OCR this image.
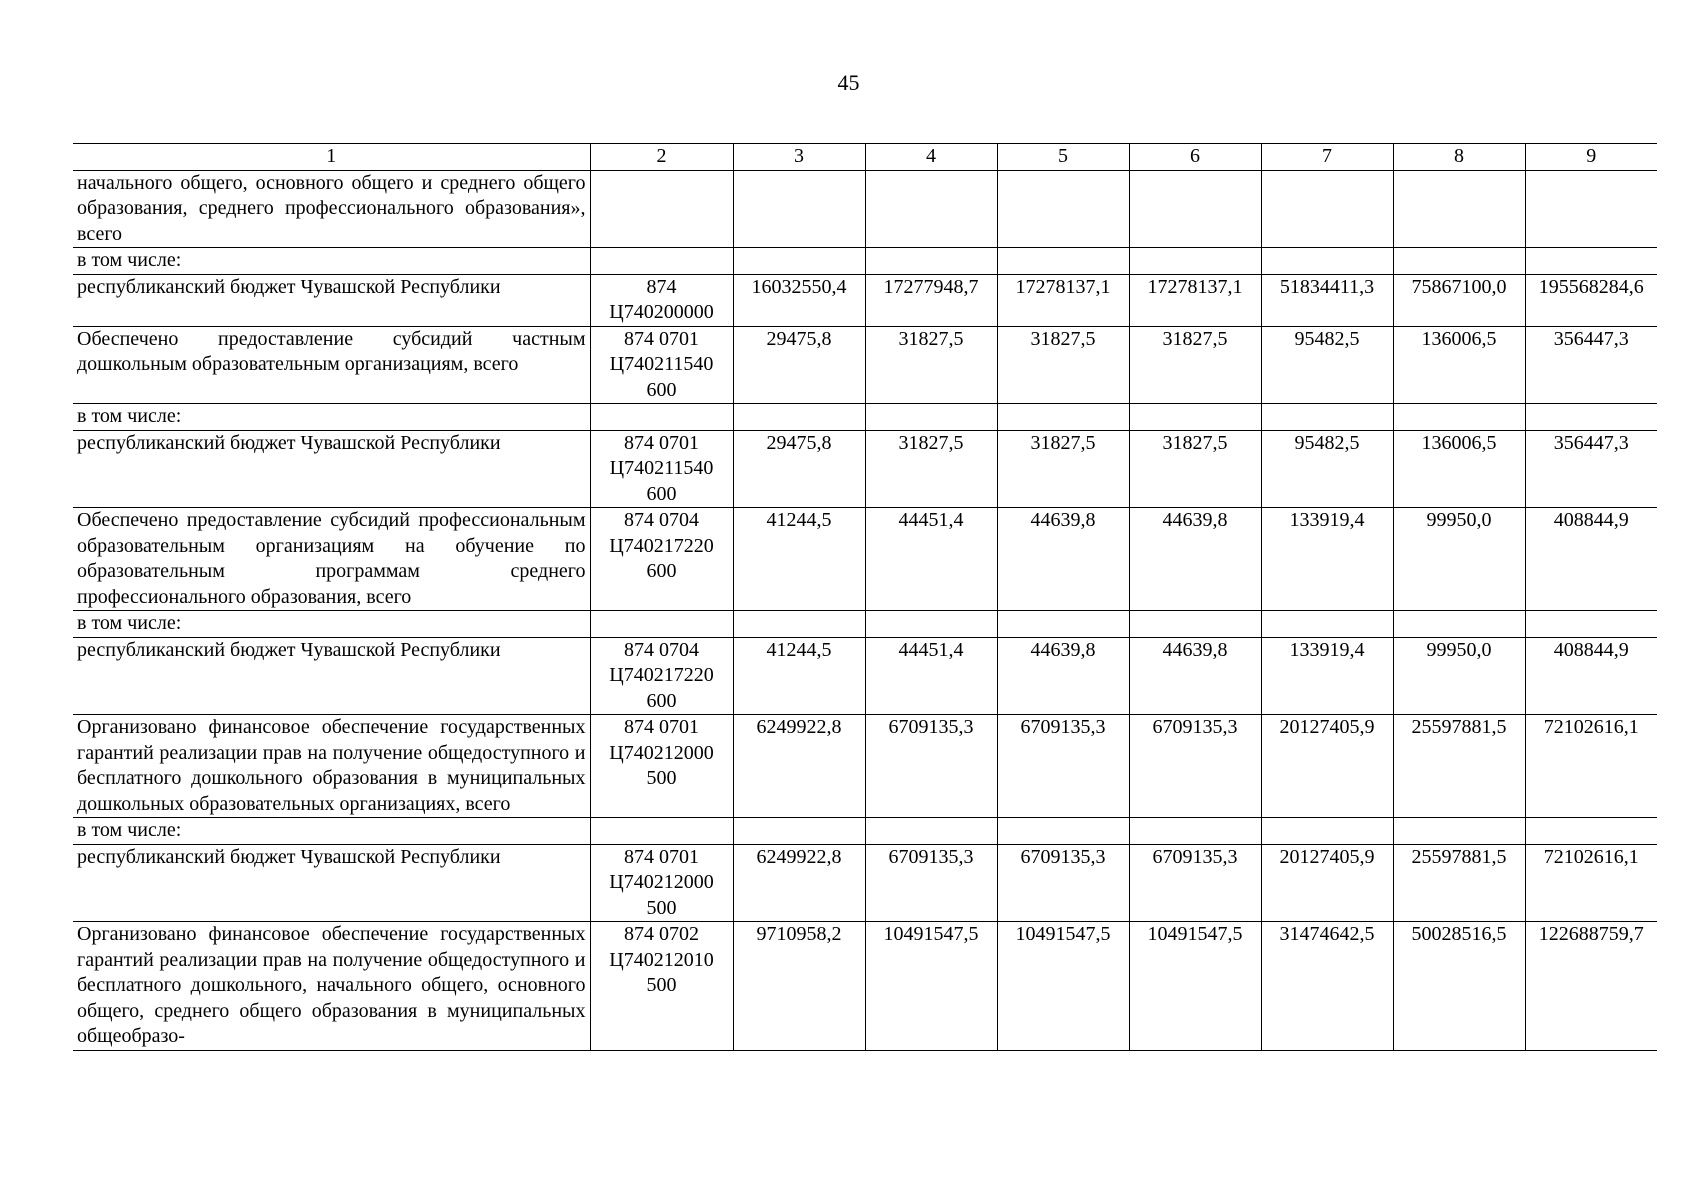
45
1	2	3	4	5	6	7	8	9
начального общего, основного общего и среднего общего образования, среднего профессионального образования», всего								
в том числе:								
республиканский бюджет Чувашской Республики	874 Ц740200000	16032550,4	17277948,7	17278137,1	17278137,1	51834411,3	75867100,0	195568284,6
Обеспечено предоставление субсидий частным дошкольным образовательным организациям, всего	874 0701 Ц740211540 600	29475,8	31827,5	31827,5	31827,5	95482,5	136006,5	356447,3
в том числе:								
республиканский бюджет Чувашской Республики	874 0701 Ц740211540 600	29475,8	31827,5	31827,5	31827,5	95482,5	136006,5	356447,3
Обеспечено предоставление субсидий профессиональным образовательным организациям на обучение по образовательным программам среднего профессионального образования, всего	874 0704 Ц740217220 600	41244,5	44451,4	44639,8	44639,8	133919,4	99950,0	408844,9
в том числе:								
республиканский бюджет Чувашской Республики	874 0704 Ц740217220 600	41244,5	44451,4	44639,8	44639,8	133919,4	99950,0	408844,9
Организовано финансовое обеспечение государственных гарантий реализации прав на получение общедоступного и бесплатного дошкольного образования в муниципальных дошкольных образовательных организациях, всего	874 0701 Ц740212000 500	6249922,8	6709135,3	6709135,3	6709135,3	20127405,9	25597881,5	72102616,1
в том числе:								
республиканский бюджет Чувашской Республики	874 0701 Ц740212000 500	6249922,8	6709135,3	6709135,3	6709135,3	20127405,9	25597881,5	72102616,1
Организовано финансовое обеспечение государственных гарантий реализации прав на получение общедоступного и бесплатного дошкольного, начального общего, основного общего, среднего общего образования в муниципальных общеобразо-	874 0702 Ц740212010 500	9710958,2	10491547,5	10491547,5	10491547,5	31474642,5	50028516,5	122688759,7
